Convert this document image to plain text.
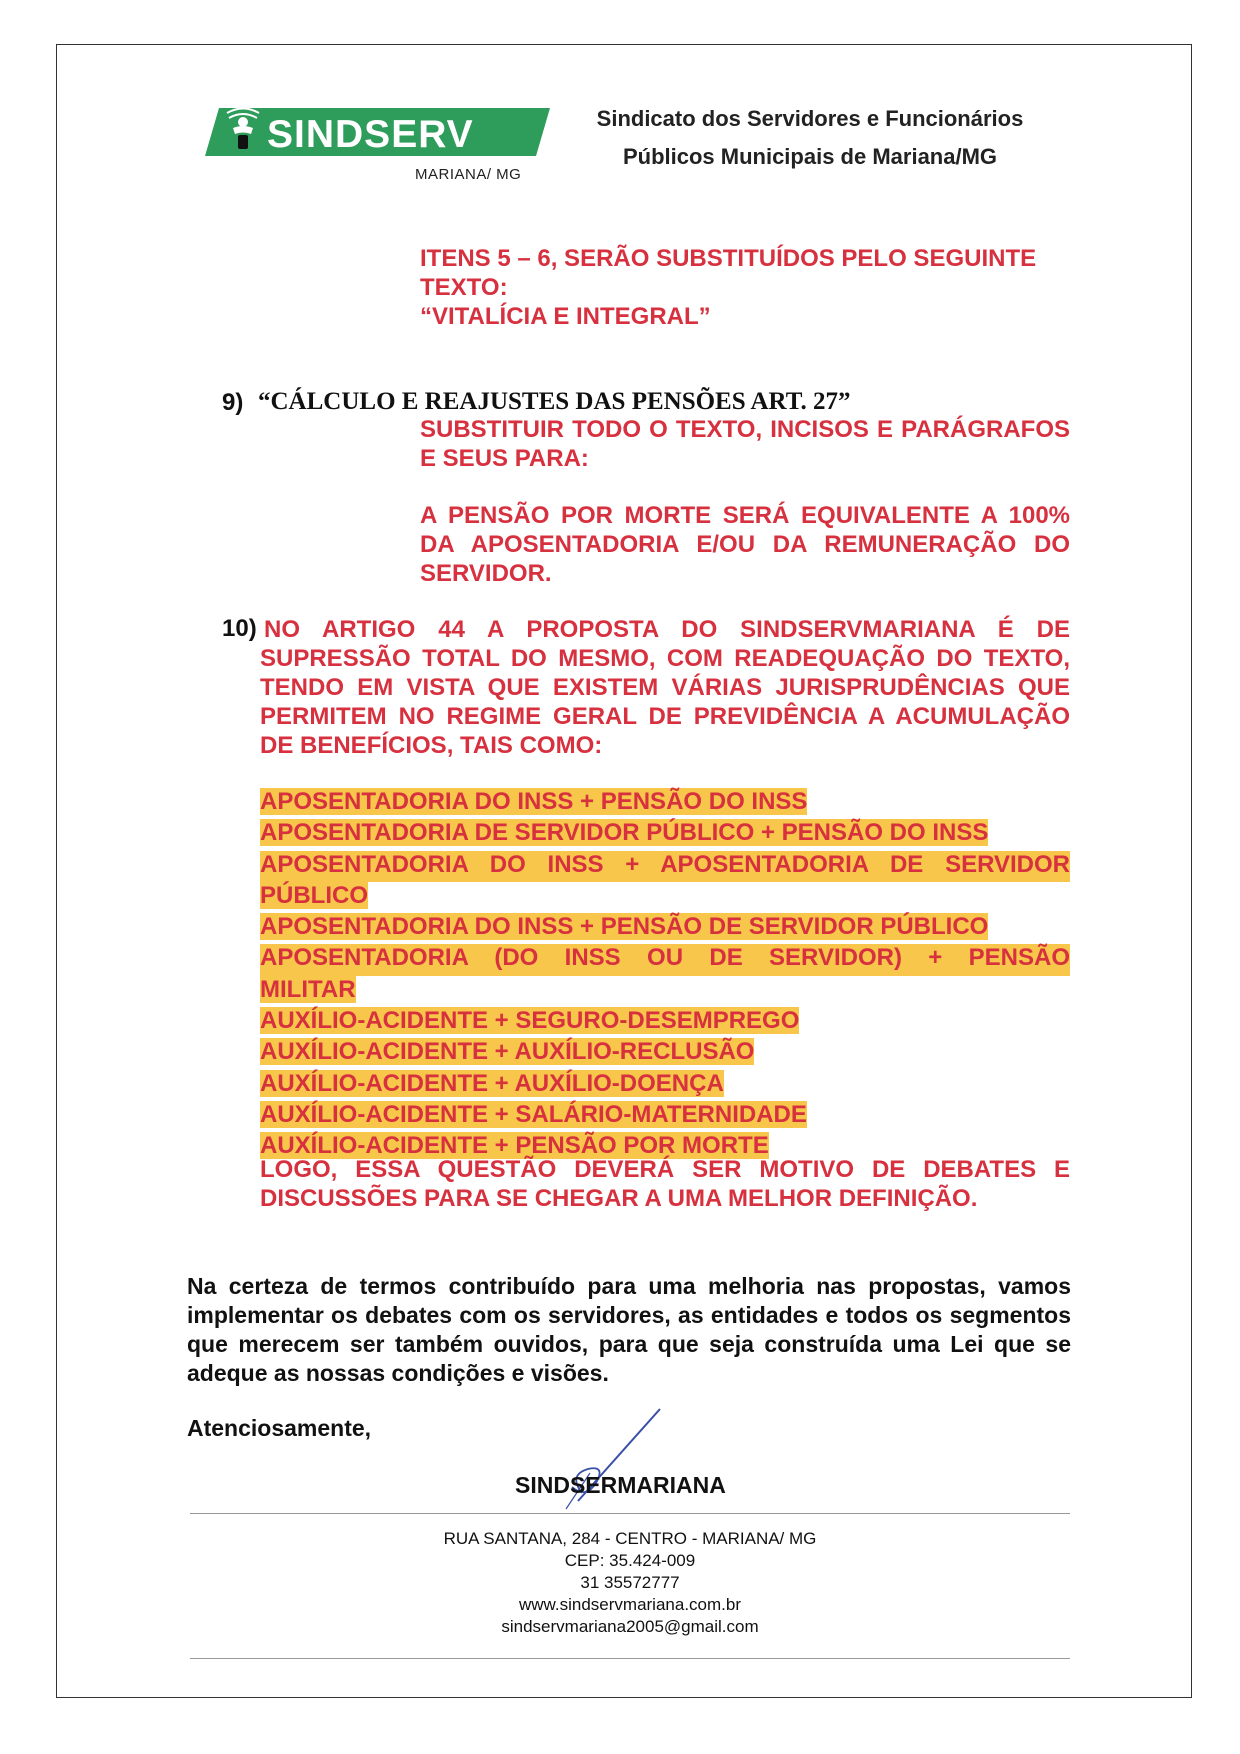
SINDSERV
MARIANA/ MG
Sindicato dos Servidores e Funcionários
Públicos Municipais de Mariana/MG
ITENS 5 – 6, SERÃO SUBSTITUÍDOS PELO SEGUINTE
TEXTO:
“VITALÍCIA E INTEGRAL”
9) “CÁLCULO E REAJUSTES DAS PENSÕES ART. 27”
SUBSTITUIR TODO O TEXTO, INCISOS E PARÁGRAFOS E SEUS PARA:
A PENSÃO POR MORTE SERÁ EQUIVALENTE A 100% DA APOSENTADORIA E/OU DA REMUNERAÇÃO DO SERVIDOR.
10) NO ARTIGO 44 A PROPOSTA DO SINDSERVMARIANA É DE
SUPRESSÃO TOTAL DO MESMO, COM READEQUAÇÃO DO TEXTO, TENDO EM VISTA QUE EXISTEM VÁRIAS JURISPRUDÊNCIAS QUE PERMITEM NO REGIME GERAL DE PREVIDÊNCIA A ACUMULAÇÃO DE BENEFÍCIOS, TAIS COMO:
APOSENTADORIA DO INSS + PENSÃO DO INSS
APOSENTADORIA DE SERVIDOR PÚBLICO + PENSÃO DO INSS
APOSENTADORIA DO INSS + APOSENTADORIA DE SERVIDOR
PÚBLICO
APOSENTADORIA DO INSS + PENSÃO DE SERVIDOR PÚBLICO
APOSENTADORIA (DO INSS OU DE SERVIDOR) + PENSÃO
MILITAR
AUXÍLIO-ACIDENTE + SEGURO-DESEMPREGO
AUXÍLIO-ACIDENTE + AUXÍLIO-RECLUSÃO
AUXÍLIO-ACIDENTE + AUXÍLIO-DOENÇA
AUXÍLIO-ACIDENTE + SALÁRIO-MATERNIDADE
AUXÍLIO-ACIDENTE + PENSÃO POR MORTE
LOGO, ESSA QUESTÃO DEVERÁ SER MOTIVO DE DEBATES E DISCUSSÕES PARA SE CHEGAR A UMA MELHOR DEFINIÇÃO.
Na certeza de termos contribuído para uma melhoria nas propostas, vamos implementar os debates com os servidores, as entidades e todos os segmentos que merecem ser também ouvidos, para que seja construída uma Lei que se adeque as nossas condições e visões.
Atenciosamente,
SINDSERMARIANA
RUA SANTANA, 284 - CENTRO - MARIANA/ MG
CEP: 35.424-009
31 35572777
www.sindservmariana.com.br
sindservmariana2005@gmail.com
